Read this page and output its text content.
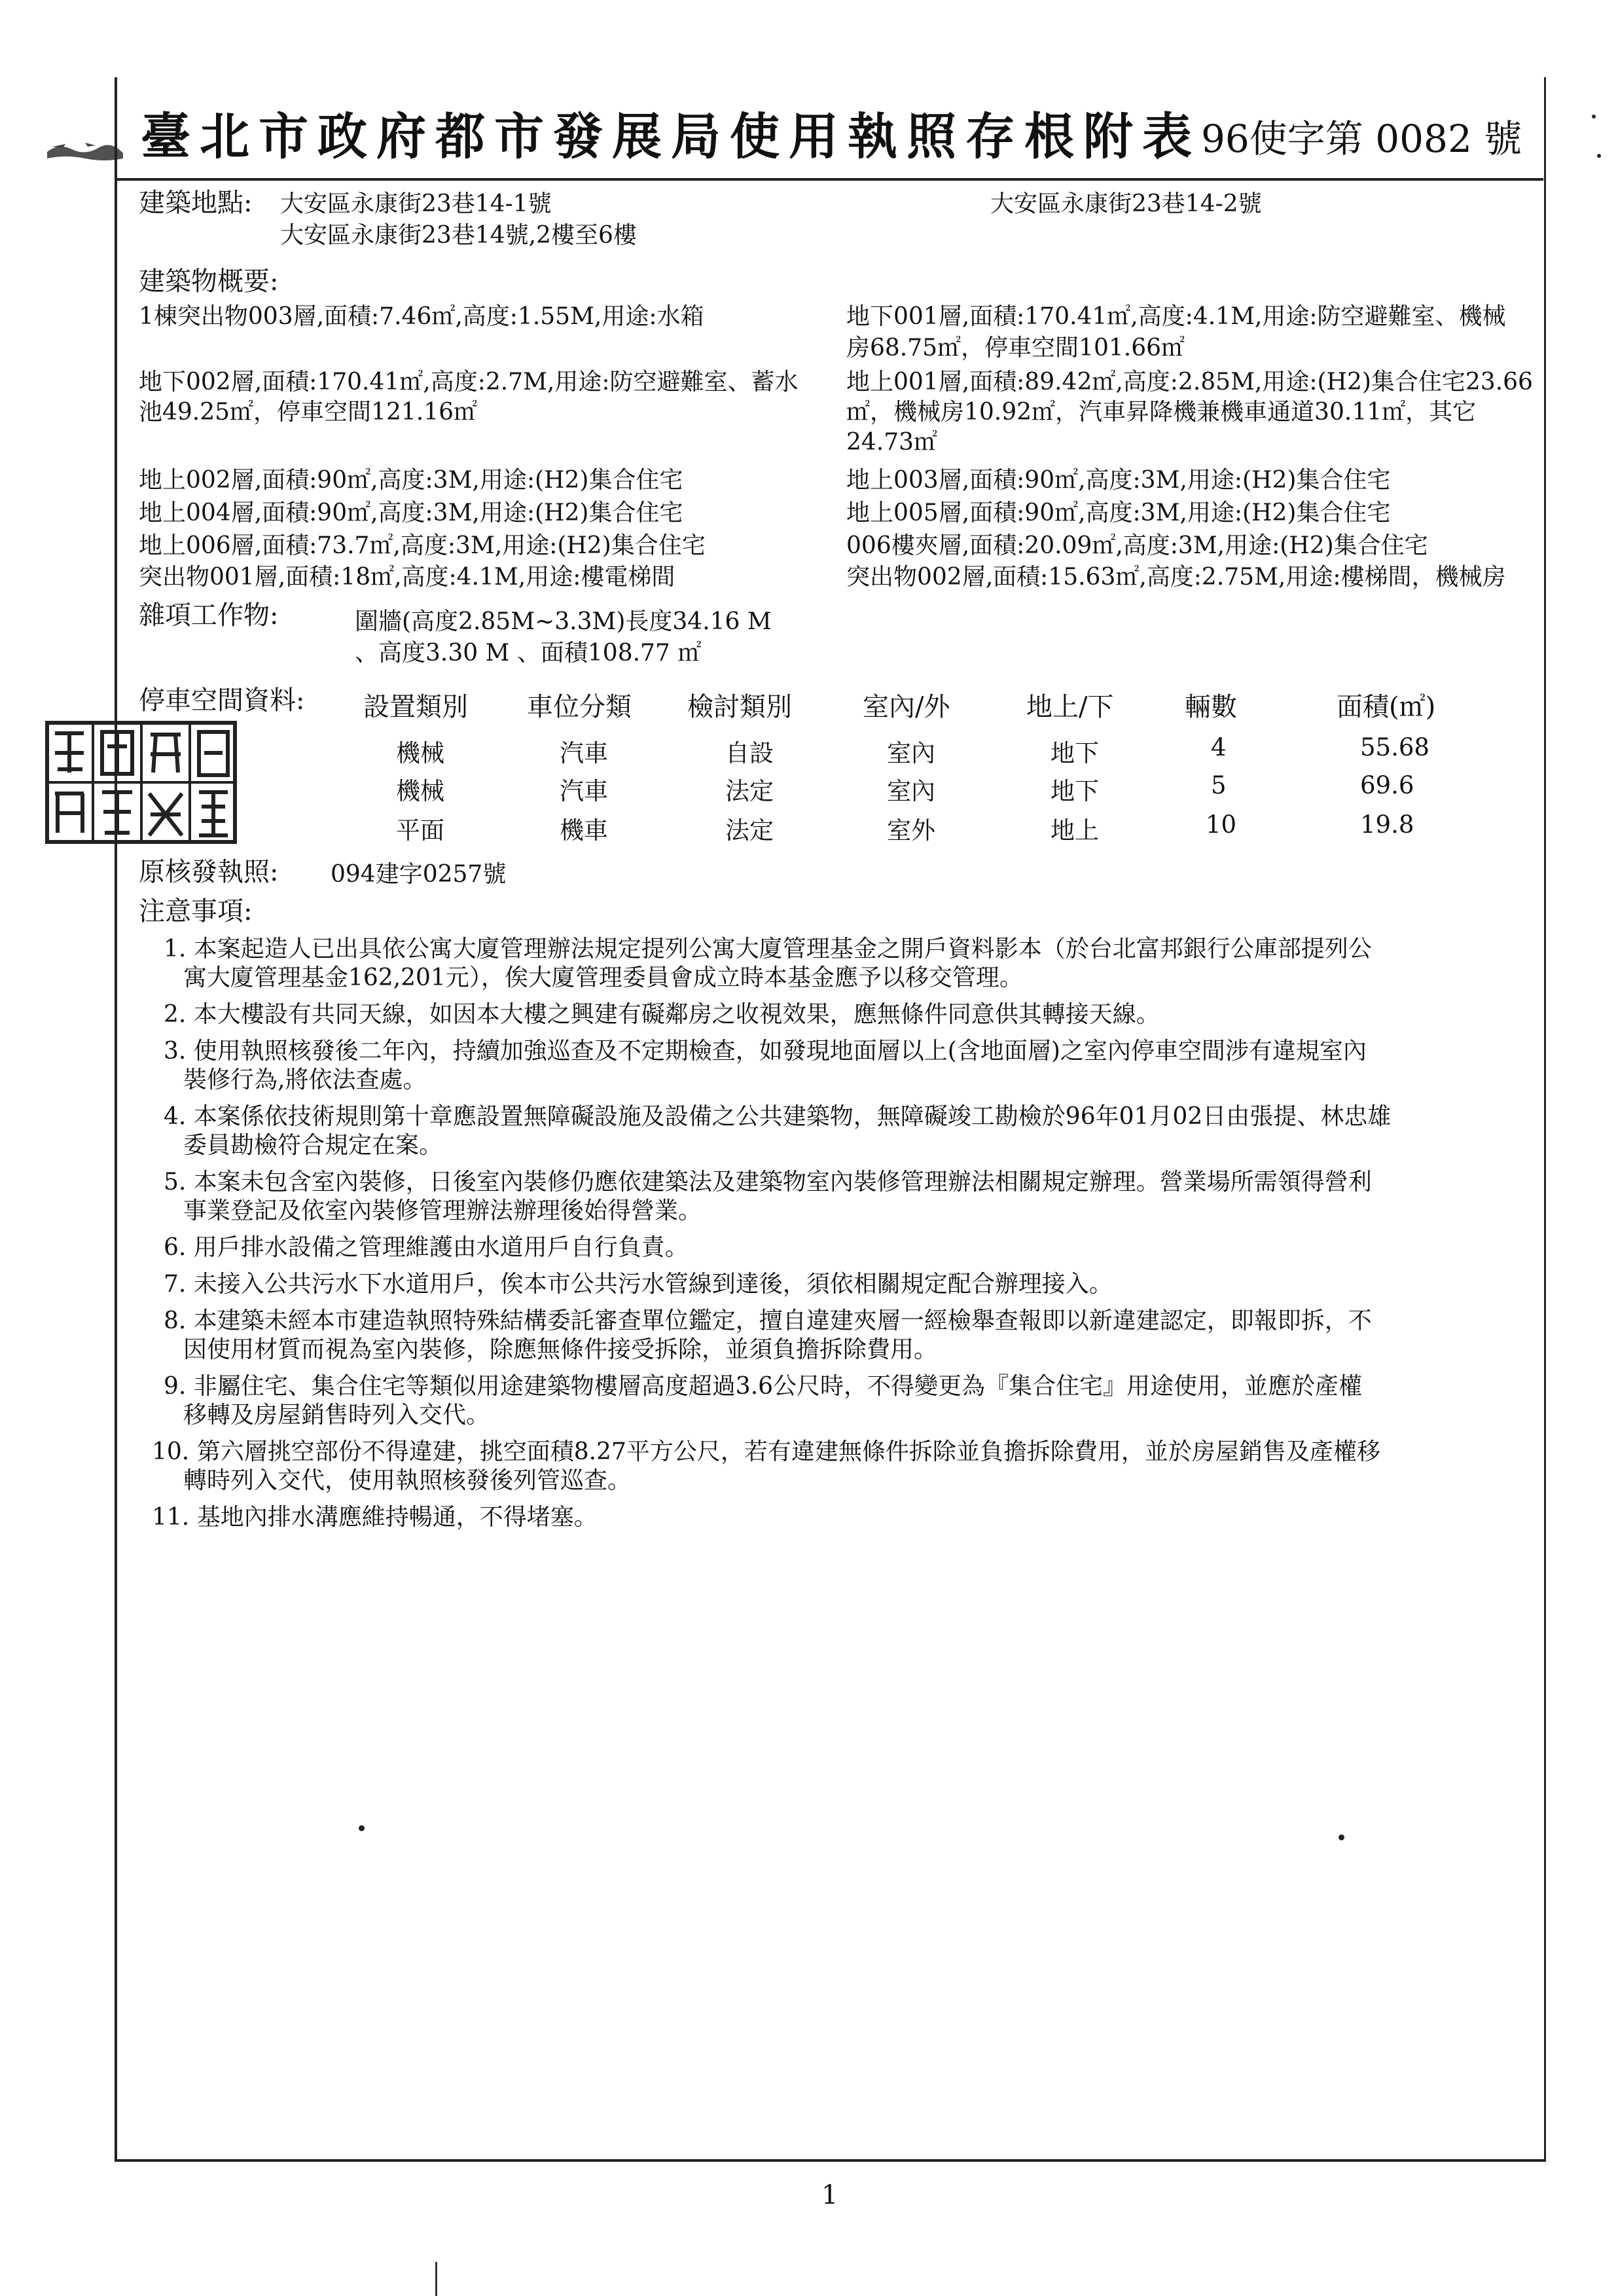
臺北市政府都市發展局使用執照存根附表 96使字第 0082 號
建築地點: 大安區永康街23巷14-1號
大安區永康街23巷14號,2樓至6樓
大安區永康街23巷14-2號
建築物概要:
1棟突出物003層,面積:7.46㎡,高度:1.55M,用途:水箱
地下002層,面積:170.41㎡,高度:2.7M,用途:防空避難室、蓄水
池49.25㎡，停車空間121.16㎡
地上002層,面積:90㎡,高度:3M,用途:(H2)集合住宅
地上004層,面積:90㎡,高度:3M,用途:(H2)集合住宅
地上006層,面積:73.7㎡,高度:3M,用途:(H2)集合住宅
突出物001層,面積:18㎡,高度:4.1M,用途:樓電梯間
地下001層,面積:170.41㎡,高度:4.1M,用途:防空避難室、機械
房68.75㎡，停車空間101.66㎡
地上001層,面積:89.42㎡,高度:2.85M,用途:(H2)集合住宅23.66
㎡，機械房10.92㎡，汽車昇降機兼機車通道30.11㎡，其它
24.73㎡
地上003層,面積:90㎡,高度:3M,用途:(H2)集合住宅
地上005層,面積:90㎡,高度:3M,用途:(H2)集合住宅
006樓夾層,面積:20.09㎡,高度:3M,用途:(H2)集合住宅
突出物002層,面積:15.63㎡,高度:2.75M,用途:樓梯間，機械房
雜項工作物:	圍牆(高度2.85M~3.3M)長度34.16 M
、高度3.30 M 、面積108.77 ㎡
停車空間資料: 設置類別 車位分類 檢討類別	室內/外	地上/下	輛數	面積(㎡)
機械	汽車	自設	室內	地下	4	55.68
機械	汽車	法定	室內	地下	5	69.6
平面	機車	法定	室外	地上	10	19.8
原核發執照: 094建字0257號
注意事項:
1. 本案起造人已出具依公寓大廈管理辦法規定提列公寓大廈管理基金之開戶資料影本（於台北富邦銀行公庫部提列公
寓大廈管理基金162,201元），俟大廈管理委員會成立時本基金應予以移交管理。
2. 本大樓設有共同天線，如因本大樓之興建有礙鄰房之收視效果，應無條件同意供其轉接天線。
3. 使用執照核發後二年內，持續加強巡查及不定期檢查，如發現地面層以上(含地面層)之室內停車空間涉有違規室內
裝修行為,將依法查處。
4. 本案係依技術規則第十章應設置無障礙設施及設備之公共建築物，無障礙竣工勘檢於96年01月02日由張提、林忠雄
委員勘檢符合規定在案。
5. 本案未包含室內裝修，日後室內裝修仍應依建築法及建築物室內裝修管理辦法相關規定辦理。營業場所需領得營利
事業登記及依室內裝修管理辦法辦理後始得營業。
6. 用戶排水設備之管理維護由水道用戶自行負責。
7. 未接入公共污水下水道用戶，俟本市公共污水管線到達後，須依相關規定配合辦理接入。
8. 本建築未經本市建造執照特殊結構委託審查單位鑑定，擅自違建夾層一經檢舉查報即以新違建認定，即報即拆，不
因使用材質而視為室內裝修，除應無條件接受拆除，並須負擔拆除費用。
9. 非屬住宅、集合住宅等類似用途建築物樓層高度超過3.6公尺時，不得變更為『集合住宅』用途使用，並應於產權
移轉及房屋銷售時列入交代。
10. 第六層挑空部份不得違建，挑空面積8.27平方公尺，若有違建無條件拆除並負擔拆除費用，並於房屋銷售及產權移
轉時列入交代，使用執照核發後列管巡查。
11. 基地內排水溝應維持暢通，不得堵塞。
1
